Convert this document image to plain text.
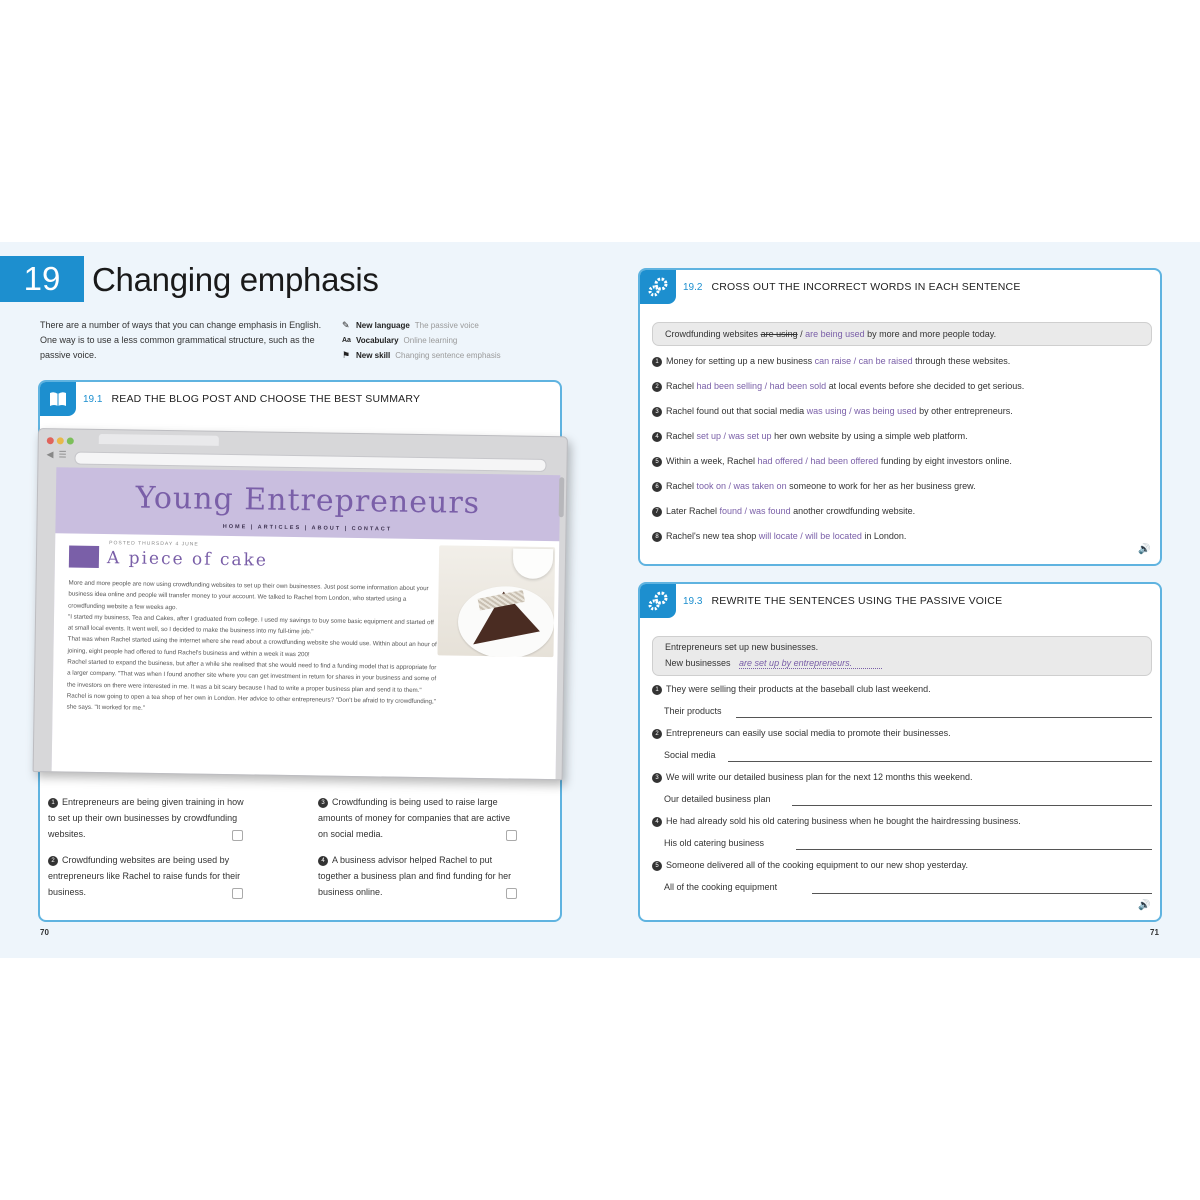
19 Changing emphasis
There are a number of ways that you can change emphasis in English. One way is to use a less common grammatical structure, such as the passive voice.
✎ New language The passive voice
Aa Vocabulary Online learning
⚑ New skill Changing sentence emphasis
19.1 READ THE BLOG POST AND CHOOSE THE BEST SUMMARY
1 Entrepreneurs are being given training in how to set up their own businesses by crowdfunding websites.
2 Crowdfunding websites are being used by entrepreneurs like Rachel to raise funds for their business.
3 Crowdfunding is being used to raise large amounts of money for companies that are active on social media.
4 A business advisor helped Rachel to put together a business plan and find funding for her business online.
◀ ☰
Young Entrepreneurs
HOME | ARTICLES | ABOUT | CONTACT
POSTED THURSDAY 4 JUNE
A piece of cake

More and more people are now using crowdfunding websites to set up their own businesses. Just post some information about your business idea online and people will transfer money to your account. We talked to Rachel from London, who started using a crowdfunding website a few weeks ago.

"I started my business, Tea and Cakes, after I graduated from college. I used my savings to buy some basic equipment and started off at small local events. It went well, so I decided to make the business into my full-time job."

That was when Rachel started using the internet where she read about a crowdfunding website she would use. Within about an hour of joining, eight people had offered to fund Rachel's business and within a week it was 200!

Rachel started to expand the business, but after a while she realised that she would need to find a funding model that is appropriate for a larger company. "That was when I found another site where you can get investment in return for shares in your business and some of the investors on there were interested in me. It was a bit scary because I had to write a proper business plan and send it to them."

Rachel is now going to open a tea shop of her own in London. Her advice to other entrepreneurs? "Don't be afraid to try crowdfunding," she says. "It worked for me."

70
19.2 CROSS OUT THE INCORRECT WORDS IN EACH SENTENCE
Crowdfunding websites are using / are being used by more and more people today.
1 Money for setting up a new business can raise / can be raised through these websites.
2 Rachel had been selling / had been sold at local events before she decided to get serious.
3 Rachel found out that social media was using / was being used by other entrepreneurs.
4 Rachel set up / was set up her own website by using a simple web platform.
5 Within a week, Rachel had offered / had been offered funding by eight investors online.
6 Rachel took on / was taken on someone to work for her as her business grew.
7 Later Rachel found / was found another crowdfunding website.
8 Rachel's new tea shop will locate / will be located in London.
🔊
19.3 REWRITE THE SENTENCES USING THE PASSIVE VOICE
Entrepreneurs set up new businesses.
New businesses are set up by entrepreneurs.
1 They were selling their products at the baseball club last weekend.
Their products
2 Entrepreneurs can easily use social media to promote their businesses.
Social media
3 We will write our detailed business plan for the next 12 months this weekend.
Our detailed business plan
4 He had already sold his old catering business when he bought the hairdressing business.
His old catering business
5 Someone delivered all of the cooking equipment to our new shop yesterday.
All of the cooking equipment
🔊
71
